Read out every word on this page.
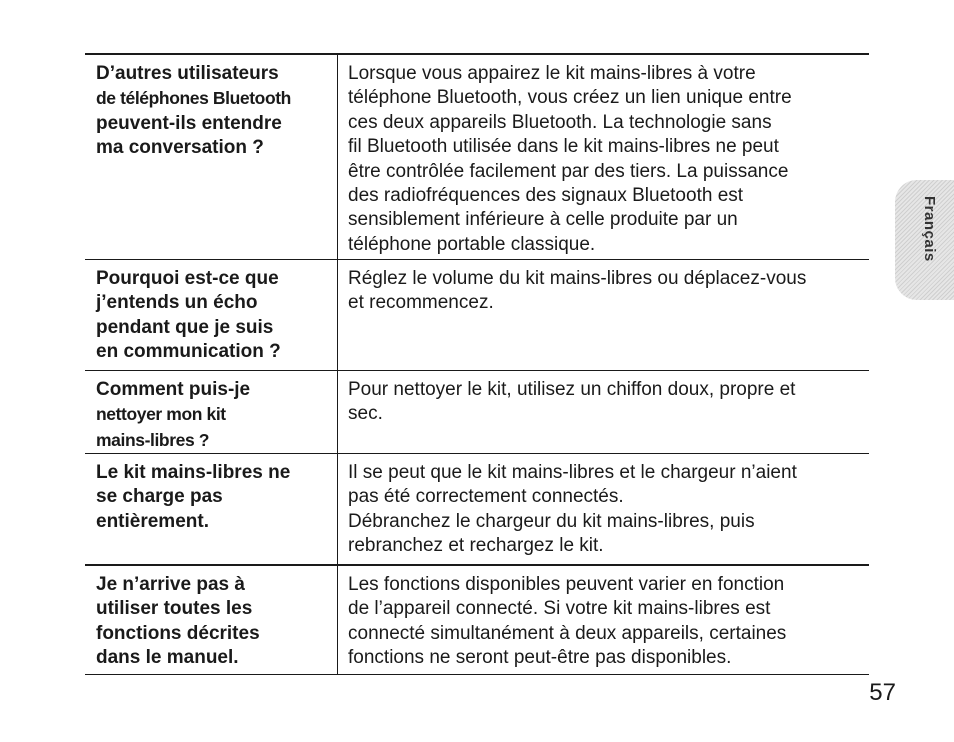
D’autres utilisateurs
de téléphones Bluetooth
peuvent-ils entendre
ma conversation ?
Lorsque vous appairez le kit mains-libres à votre
téléphone Bluetooth, vous créez un lien unique entre
ces deux appareils Bluetooth. La technologie sans
fil Bluetooth utilisée dans le kit mains-libres ne peut
être contrôlée facilement par des tiers. La puissance
des radiofréquences des signaux Bluetooth est
sensiblement inférieure à celle produite par un
téléphone portable classique.
Pourquoi est-ce que
j’entends un écho
pendant que je suis
en communication ?
Réglez le volume du kit mains-libres ou déplacez-vous
et recommencez.
Comment puis-je
nettoyer mon kit
mains-libres ?
Pour nettoyer le kit, utilisez un chiffon doux, propre et
sec.
Le kit mains-libres ne
se charge pas
entièrement.
Il se peut que le kit mains-libres et le chargeur n’aient
pas été correctement connectés.
Débranchez le chargeur du kit mains-libres, puis
rebranchez et rechargez le kit.
Je n’arrive pas à
utiliser toutes les
fonctions décrites
dans le manuel.
Les fonctions disponibles peuvent varier en fonction
de l’appareil connecté. Si votre kit mains-libres est
connecté simultanément à deux appareils, certaines
fonctions ne seront peut-être pas disponibles.
Français
57
